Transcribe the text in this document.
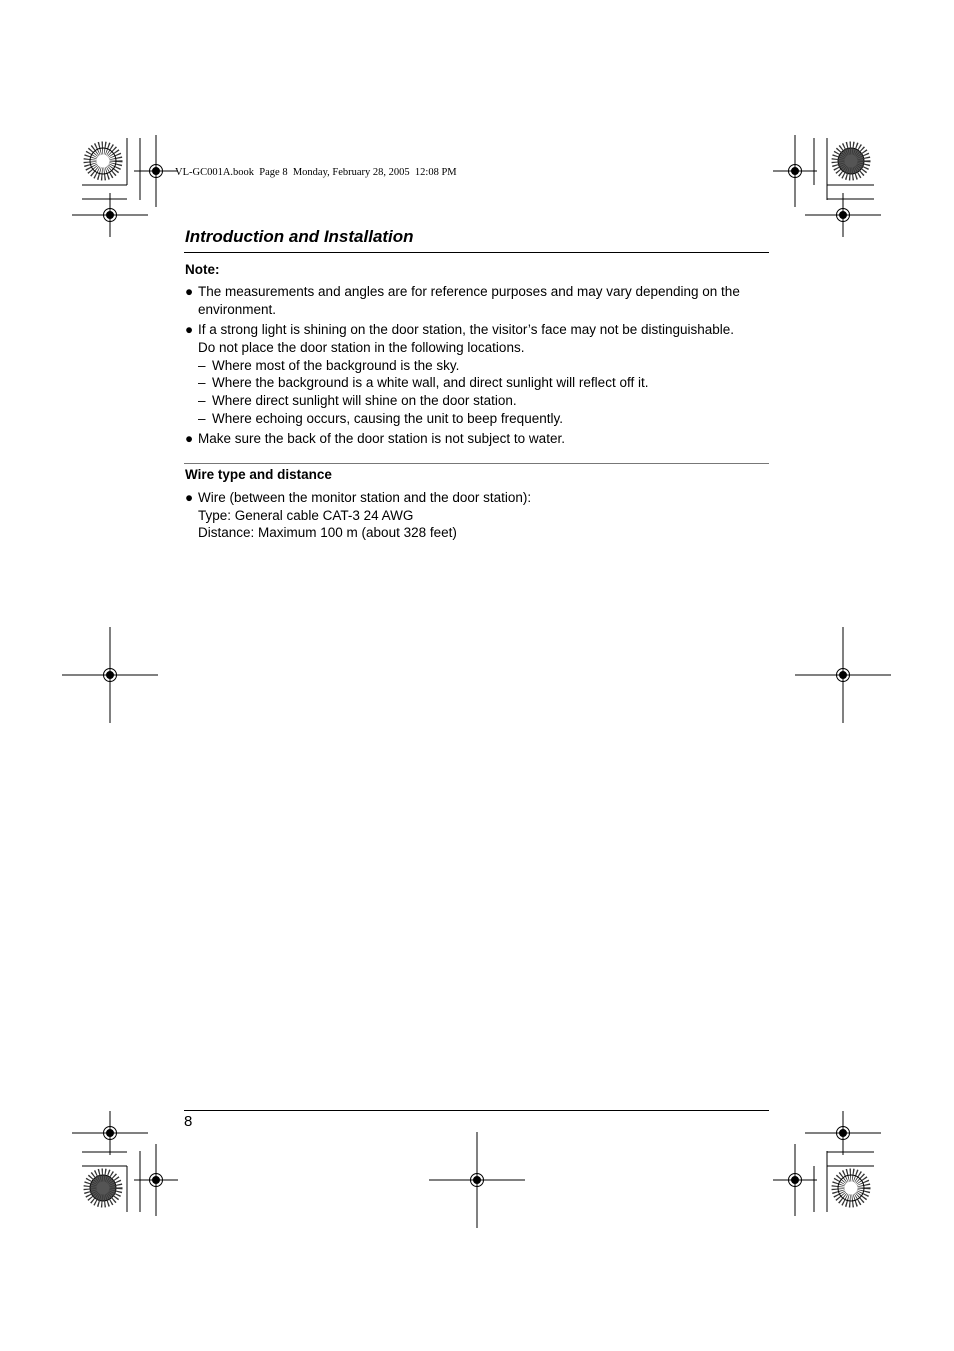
VL-GC001A.book  Page 8  Monday, February 28, 2005  12:08 PM
Introduction and Installation
Note:
● The measurements and angles are for reference purposes and may vary depending on the environment.
● If a strong light is shining on the door station, the visitor’s face may not be distinguishable.
Do not place the door station in the following locations.
– Where most of the background is the sky.
– Where the background is a white wall, and direct sunlight will reflect off it.
– Where direct sunlight will shine on the door station.
– Where echoing occurs, causing the unit to beep frequently.
● Make sure the back of the door station is not subject to water.
Wire type and distance
● Wire (between the monitor station and the door station):
Type: General cable CAT-3 24 AWG
Distance: Maximum 100 m (about 328 feet)
8
